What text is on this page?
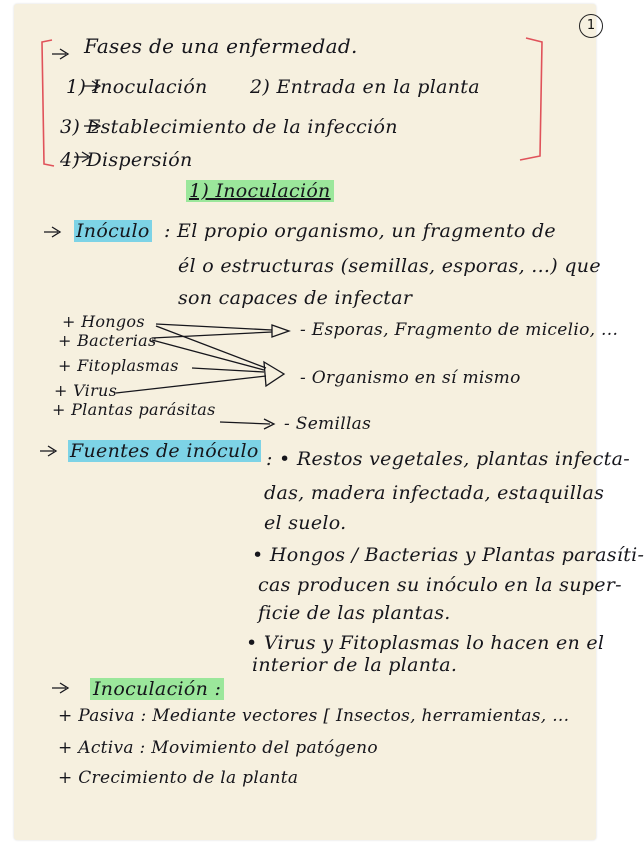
1
Fases de una enfermedad.
1) Inoculación 2) Entrada en la planta
3) Establecimiento de la infección
4) Dispersión
1) Inoculación
Inóculo : El propio organismo, un fragmento de
él o estructuras (semillas, esporas, ...) que
son capaces de infectar
+ Hongos
+ Bacterias
+ Fitoplasmas
+ Virus
+ Plantas parásitas
- Esporas, Fragmento de micelio, ...
- Organismo en sí mismo
- Semillas
Fuentes de inóculo : • Restos vegetales, plantas infecta-
das, madera infectada, estaquillas
el suelo.
• Hongos / Bacterias y Plantas parasíti-
cas producen su inóculo en la super-
ficie de las plantas.
• Virus y Fitoplasmas lo hacen en el
interior de la planta.
Inoculación :
+ Pasiva : Mediante vectores [ Insectos, herramientas, ...
+ Activa : Movimiento del patógeno
+ Crecimiento de la planta
